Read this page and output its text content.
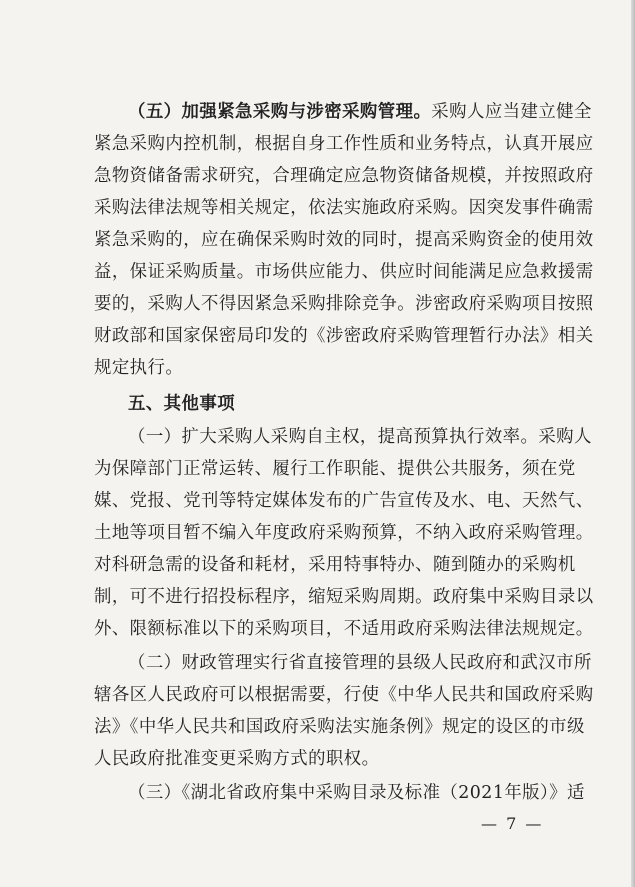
（五）加强紧急采购与涉密采购管理。采购人应当建立健全
紧急采购内控机制，根据自身工作性质和业务特点，认真开展应
急物资储备需求研究，合理确定应急物资储备规模，并按照政府
采购法律法规等相关规定，依法实施政府采购。因突发事件确需
紧急采购的，应在确保采购时效的同时，提高采购资金的使用效
益，保证采购质量。市场供应能力、供应时间能满足应急救援需
要的，采购人不得因紧急采购排除竞争。涉密政府采购项目按照
财政部和国家保密局印发的《涉密政府采购管理暂行办法》相关
规定执行。
五、其他事项
（一）扩大采购人采购自主权，提高预算执行效率。采购人
为保障部门正常运转、履行工作职能、提供公共服务，须在党
媒、党报、党刊等特定媒体发布的广告宣传及水、电、天然气、
土地等项目暂不编入年度政府采购预算，不纳入政府采购管理。
对科研急需的设备和耗材，采用特事特办、随到随办的采购机
制，可不进行招投标程序，缩短采购周期。政府集中采购目录以
外、限额标准以下的采购项目，不适用政府采购法律法规规定。
（二）财政管理实行省直接管理的县级人民政府和武汉市所
辖各区人民政府可以根据需要，行使《中华人民共和国政府采购
法》《中华人民共和国政府采购法实施条例》规定的设区的市级
人民政府批准变更采购方式的职权。
— 7 —
（三）《湖北省政府集中采购目录及标准（2021年版）》适
